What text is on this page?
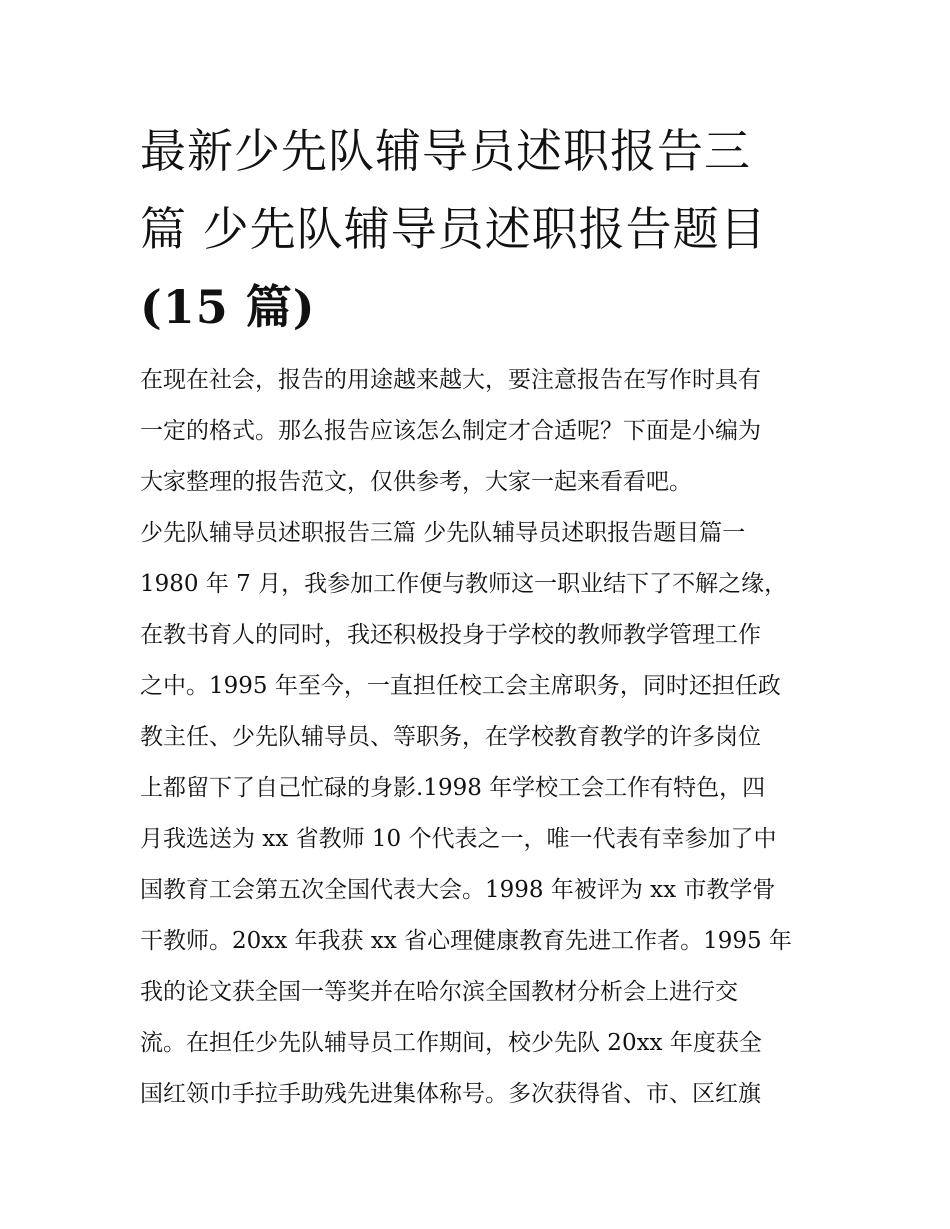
最新少先队辅导员述职报告三
篇 少先队辅导员述职报告题目
(15 篇)
在现在社会，报告的用途越来越大，要注意报告在写作时具有
一定的格式。那么报告应该怎么制定才合适呢？下面是小编为
大家整理的报告范文，仅供参考，大家一起来看看吧。
少先队辅导员述职报告三篇 少先队辅导员述职报告题目篇一
1980 年 7 月，我参加工作便与教师这一职业结下了不解之缘，
在教书育人的同时，我还积极投身于学校的教师教学管理工作
之中。1995 年至今，一直担任校工会主席职务，同时还担任政
教主任、少先队辅导员、等职务，在学校教育教学的许多岗位
上都留下了自己忙碌的身影.1998 年学校工会工作有特色，四
月我选送为 xx 省教师 10 个代表之一，唯一代表有幸参加了中
国教育工会第五次全国代表大会。1998 年被评为 xx 市教学骨
干教师。20xx 年我获 xx 省心理健康教育先进工作者。1995 年
我的论文获全国一等奖并在哈尔滨全国教材分析会上进行交
流。在担任少先队辅导员工作期间，校少先队 20xx 年度获全
国红领巾手拉手助残先进集体称号。多次获得省、市、区红旗
